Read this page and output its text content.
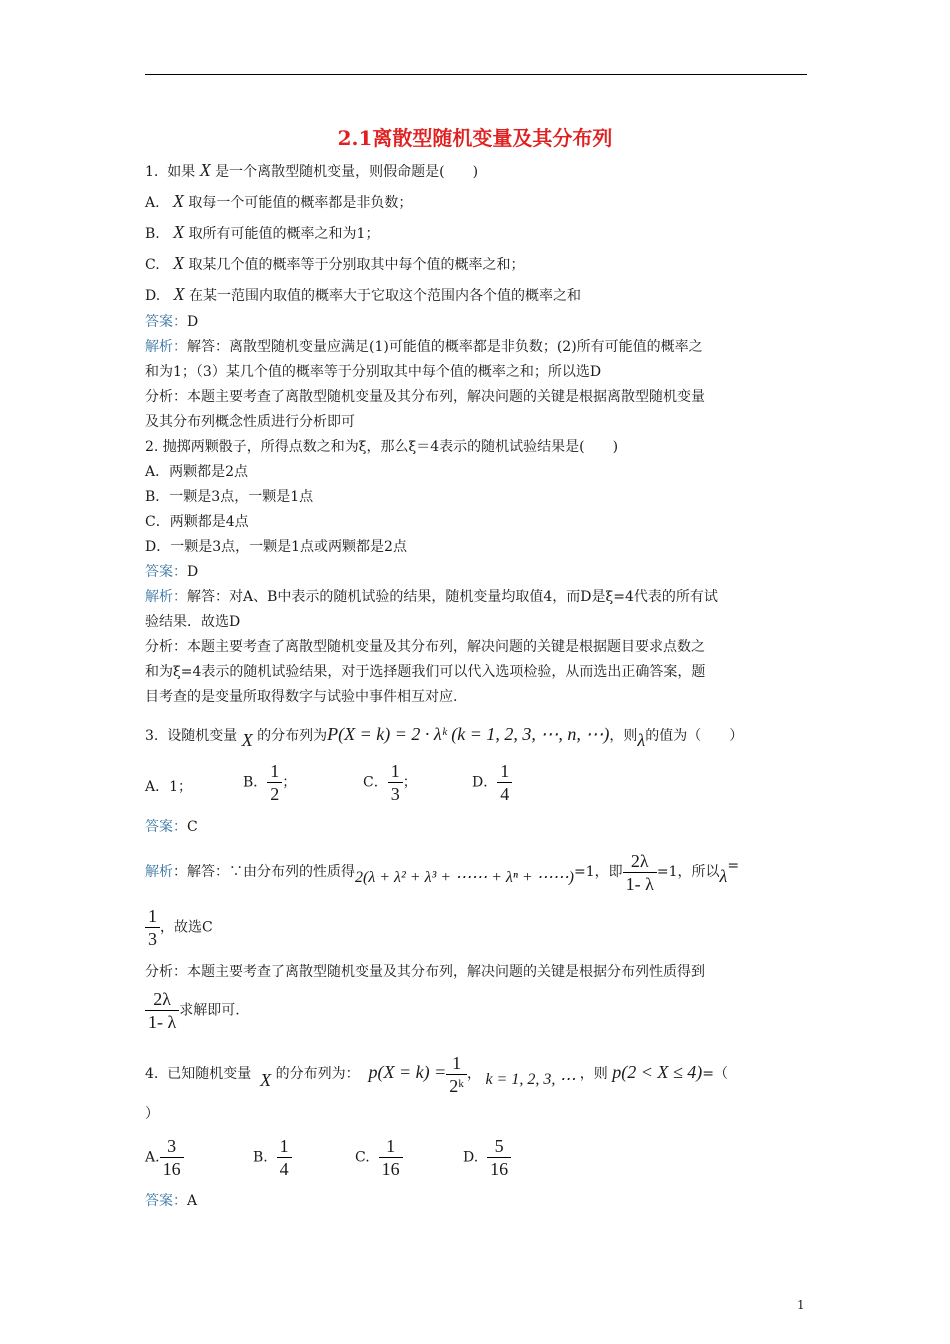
2.1离散型随机变量及其分布列
1. 如果 X 是一个离散型随机变量，则假命题是(　　)
A. X 取每一个可能值的概率都是非负数；
B. X 取所有可能值的概率之和为1；
C. X 取某几个值的概率等于分别取其中每个值的概率之和；
D. X 在某一范围内取值的概率大于它取这个范围内各个值的概率之和
答案：D
解析：解答：离散型随机变量应满足(1)可能值的概率都是非负数；(2)所有可能值的概率之
和为1；（3）某几个值的概率等于分别取其中每个值的概率之和；所以选D
分析：本题主要考查了离散型随机变量及其分布列，解决问题的关键是根据离散型随机变量
及其分布列概念性质进行分析即可
2. 抛掷两颗骰子，所得点数之和为ξ，那么ξ＝4表示的随机试验结果是(　　)
A．两颗都是2点
B．一颗是3点，一颗是1点
C．两颗都是4点
D．一颗是3点，一颗是1点或两颗都是2点
答案：D
解析：解答：对A、B中表示的随机试验的结果，随机变量均取值4，而D是ξ=4代表的所有试
验结果．故选D
分析：本题主要考查了离散型随机变量及其分布列，解决问题的关键是根据题目要求点数之
和为ξ=4表示的随机试验结果，对于选择题我们可以代入选项检验，从而选出正确答案，题
目考查的是变量所取得数字与试验中事件相互对应.
3. 设随机变量 X 的分布列为P(X = k) = 2 · λᵏ (k = 1, 2, 3, ⋯, n, ⋯)，则λ的值为（　　）
A．1；	B． $\frac{1}{2}$ ；	C． $\frac{1}{3}$ ；	D． $\frac{1}{4}$
答案：C
解析：解答：∵由分布列的性质得2(λ + λ² + λ³ + ⋯⋯ + λⁿ + ⋯⋯)=1，即 $\frac{2\lambda}{1- \lambda} =1$，所以λ=
$\frac{1}{3}$ ，故选C
分析：本题主要考查了离散型随机变量及其分布列，解决问题的关键是根据分布列性质得到
$\frac{2\lambda}{1- \lambda}$ 求解即可.
4. 已知随机变量 X 的分布列为： $p(X = k) = \frac{1}{\text{2ᵏ}}$ ， k = 1, 2, 3, ⋯ ，则 p(2 < X ≤ 4)=（
）
A. $\frac{3}{16}$	B. $\frac{1}{4}$	C. $\frac{1}{16}$	D. $\frac{5}{16}$
答案：A
1
